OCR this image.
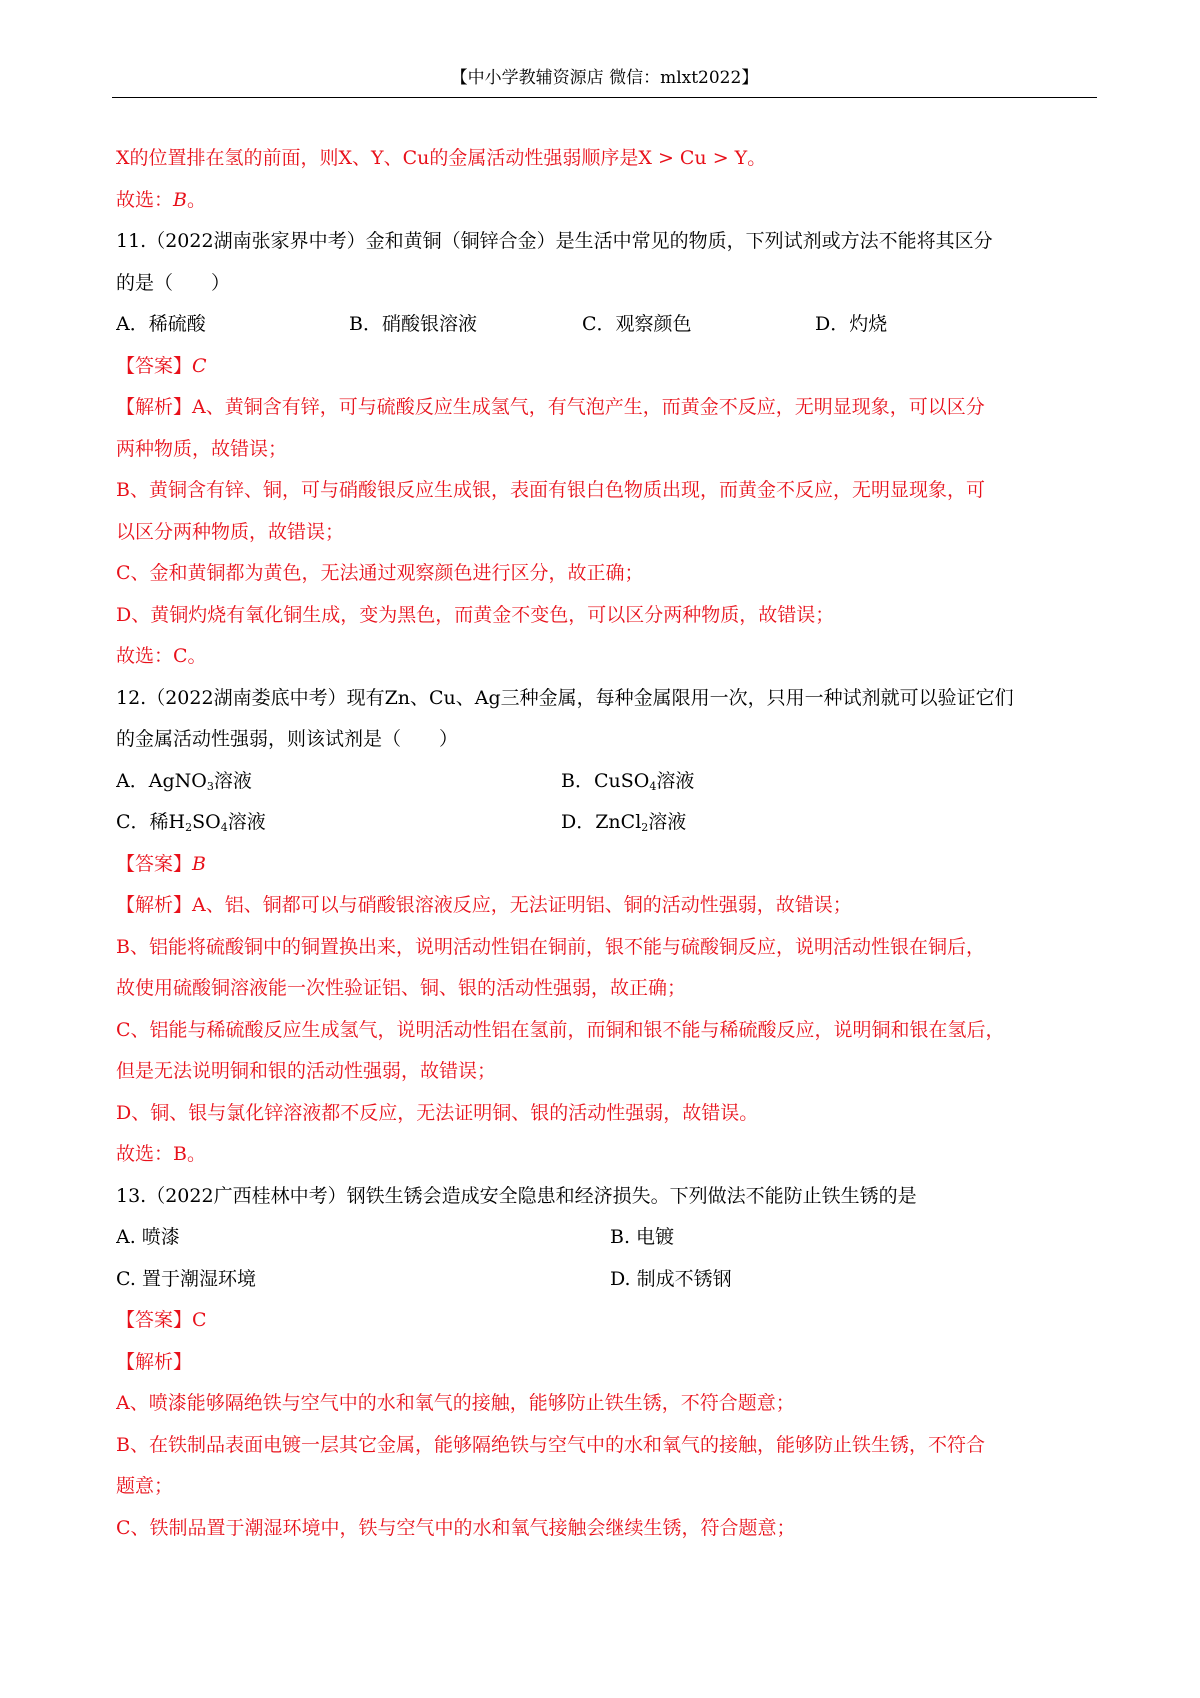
【中小学教辅资源店 微信：mlxt2022】
X的位置排在氢的前面，则X、Y、Cu的金属活动性强弱顺序是X > Cu > Y。
故选：B。
11.（2022湖南张家界中考）金和黄铜（铜锌合金）是生活中常见的物质，下列试剂或方法不能将其区分
的是（　　）
A．稀硫酸	B．硝酸银溶液	C．观察颜色	D．灼烧
【答案】C
【解析】A、黄铜含有锌，可与硫酸反应生成氢气，有气泡产生，而黄金不反应，无明显现象，可以区分
两种物质，故错误；
B、黄铜含有锌、铜，可与硝酸银反应生成银，表面有银白色物质出现，而黄金不反应，无明显现象，可
以区分两种物质，故错误；
C、金和黄铜都为黄色，无法通过观察颜色进行区分，故正确；
D、黄铜灼烧有氧化铜生成，变为黑色，而黄金不变色，可以区分两种物质，故错误；
故选：C。
12.（2022湖南娄底中考）现有Zn、Cu、Ag三种金属，每种金属限用一次，只用一种试剂就可以验证它们
的金属活动性强弱，则该试剂是（　　）
A．AgNO$_3$溶液	B．CuSO$_4$溶液
C．稀$H_2SO_4$溶液	D．ZnCl$_2$溶液
【答案】B
【解析】A、铝、铜都可以与硝酸银溶液反应，无法证明铝、铜的活动性强弱，故错误；
B、铝能将硫酸铜中的铜置换出来，说明活动性铝在铜前，银不能与硫酸铜反应，说明活动性银在铜后，
故使用硫酸铜溶液能一次性验证铝、铜、银的活动性强弱，故正确；
C、铝能与稀硫酸反应生成氢气，说明活动性铝在氢前，而铜和银不能与稀硫酸反应，说明铜和银在氢后，
但是无法说明铜和银的活动性强弱，故错误；
D、铜、银与氯化锌溶液都不反应，无法证明铜、银的活动性强弱，故错误。
故选：B。
13.（2022广西桂林中考）钢铁生锈会造成安全隐患和经济损失。下列做法不能防止铁生锈的是
A. 喷漆	B. 电镀
C. 置于潮湿环境	D. 制成不锈钢
【答案】C
【解析】
A、喷漆能够隔绝铁与空气中的水和氧气的接触，能够防止铁生锈，不符合题意；
B、在铁制品表面电镀一层其它金属，能够隔绝铁与空气中的水和氧气的接触，能够防止铁生锈，不符合
题意；
C、铁制品置于潮湿环境中，铁与空气中的水和氧气接触会继续生锈，符合题意；
